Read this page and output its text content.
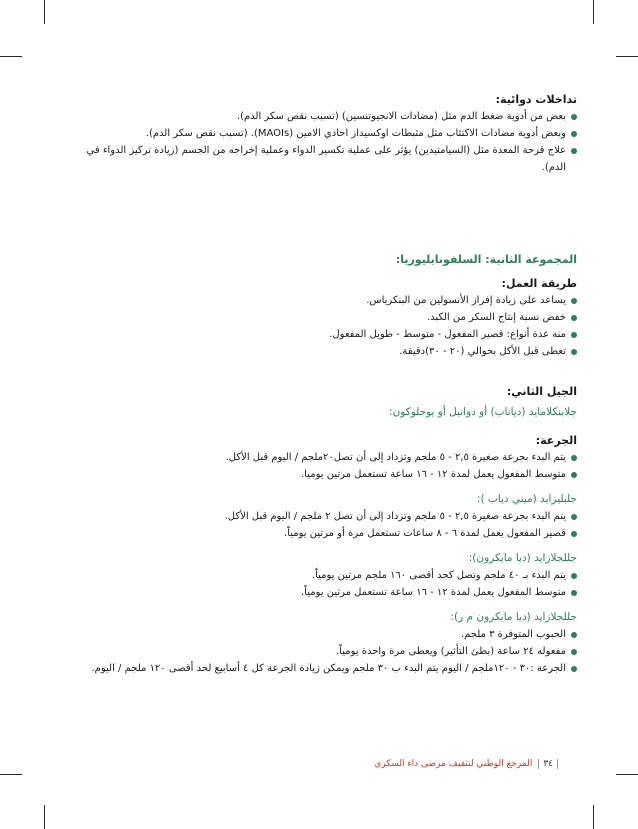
تداخلات دوائية:

بعض من أدوية ضغط الدم مثل (مضادات الانجيوتنسين) (تسبب نقص سكر الدم).
وبعض أدوية مضادات الاكتئاب مثل مثبطات اوكسيداز احادي الامين (MAOIs). (تسبب نقص سكر الدم).
علاج قرحة المعدة مثل (السيامتيدين) يؤثر على عملية تكسير الدواء وعملية إخراجه من الجسم (زيادة تركيز الدواء في الدم).

المجموعة الثانية: السلفونايليوريا:

طريقة العمل:

يساعد على زيادة إفراز الأنسولين من البنكرياس.
خفض نسبة إنتاج السكر من الكبد.
منه عدة أنواع: قصير المفعول - متوسط - طويل المفعول.
تعطى قبل الأكل بحوالي (٢٠ - ٣٠)دقيقة.

الجيل الثاني:

جلابنكلامايد (دياناب) أو دوانيل أو يوجلوكون:

الجرعة:

يتم البدء بجرعة صغيرة ٢,٥ - ٥ ملجم وتزداد إلى أن تصل٢٠ملجم / اليوم قبل الأكل.
متوسط المفعول يعمل لمدة ١٢ - ١٦ ساعة تستعمل مرتين يوميا.

جلبليزايد (ميني دياب ):

يتم البدء بجرعة صغيرة ٢,٥ - ٥ ملجم وتزداد إلى أن تصل ٢ ملجم / اليوم قبل الأكل.
قصير المفعول يعمل لمدة ٦ - ٨ ساعات تستعمل مرة أو مرتين يومياً.

جللجلازايد (ديا مايكرون):

يتم البدء بـ ٤٠ ملجم وتصل كحد أقصى ١٦٠ ملجم مرتين يومياً.
متوسط المفعول يعمل لمدة ١٢ - ١٦ ساعة تستعمل مرتين يومياً.

جللجلازايد (ديا مايكرون م ر):

الحبوب المتوفرة ٣ ملجم.
مفعوله ٢٤ ساعة (بطئ التأثير) ويعطى مرة واحدة يومياً.
الجرعة :٣٠ - ١٢٠ملجم / اليوم يتم البدء ب ٣٠ ملجم ويمكن زيادة الجرعة كل ٤ أسابيع لحد أقصى ١٢٠ ملجم / اليوم.
٣٤
المرجع الوطني لتثقيف مرضى داء السكري
